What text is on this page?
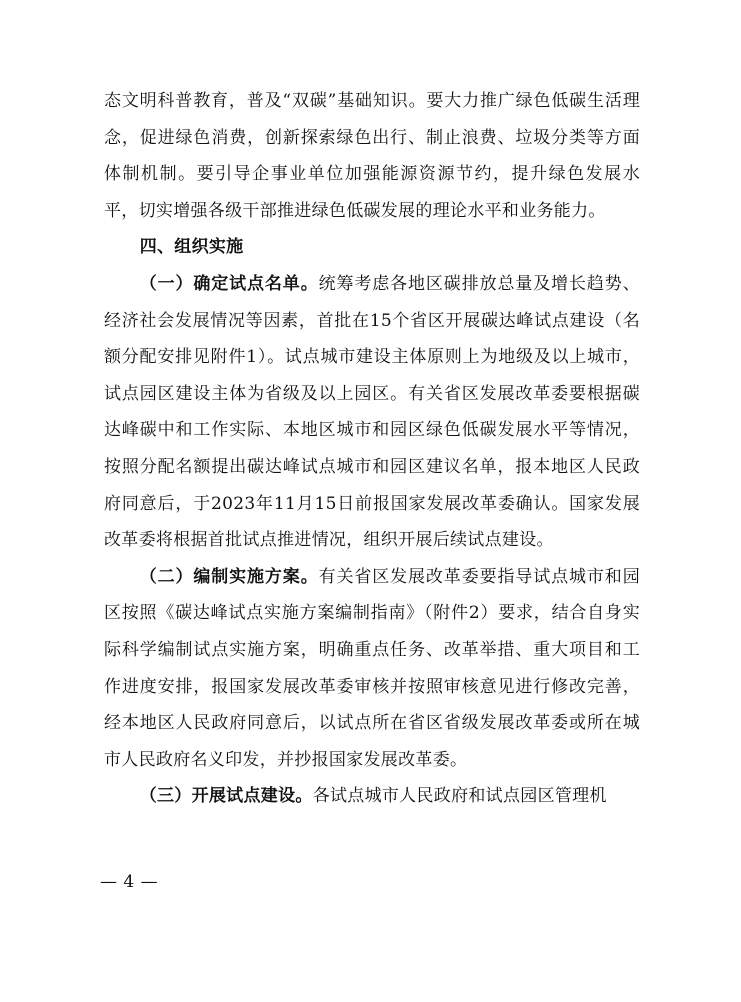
态文明科普教育，普及“双碳”基础知识。要大力推广绿色低碳生活理念，促进绿色消费，创新探索绿色出行、制止浪费、垃圾分类等方面体制机制。要引导企事业单位加强能源资源节约，提升绿色发展水平，切实增强各级干部推进绿色低碳发展的理论水平和业务能力。

四、组织实施

（一）确定试点名单。统筹考虑各地区碳排放总量及增长趋势、经济社会发展情况等因素，首批在15个省区开展碳达峰试点建设（名额分配安排见附件1）。试点城市建设主体原则上为地级及以上城市，试点园区建设主体为省级及以上园区。有关省区发展改革委要根据碳达峰碳中和工作实际、本地区城市和园区绿色低碳发展水平等情况，按照分配名额提出碳达峰试点城市和园区建议名单，报本地区人民政府同意后，于2023年11月15日前报国家发展改革委确认。国家发展改革委将根据首批试点推进情况，组织开展后续试点建设。

（二）编制实施方案。有关省区发展改革委要指导试点城市和园区按照《碳达峰试点实施方案编制指南》（附件2）要求，结合自身实际科学编制试点实施方案，明确重点任务、改革举措、重大项目和工作进度安排，报国家发展改革委审核并按照审核意见进行修改完善，经本地区人民政府同意后，以试点所在省区省级发展改革委或所在城市人民政府名义印发，并抄报国家发展改革委。

（三）开展试点建设。各试点城市人民政府和试点园区管理机

— 4 —
